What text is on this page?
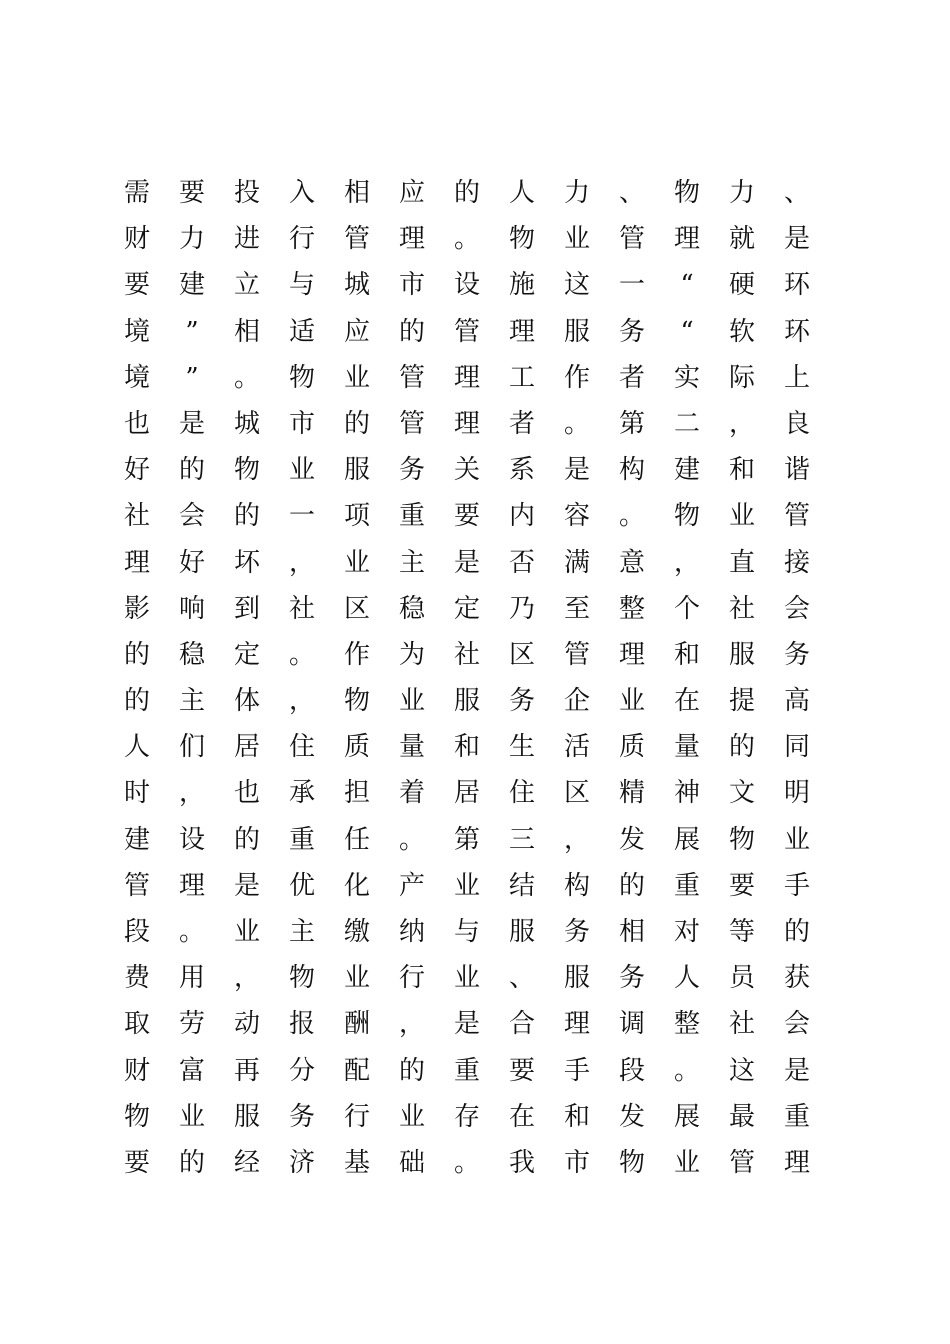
需 要 投 入 相 应 的 人 力 、 物 力 、
财 力 进 行 管 理 。 物 业 管 理 就 是
要 建 立 与 城 市 设 施 这 一	“	硬 环
境	”	相 适 应 的 管 理 服 务	“	软 环
境	”	。 物 业 管 理 工 作 者 实 际 上
也 是 城 市 的 管 理 者 。 第 二 ， 良
好 的 物 业 服 务 关 系 是 构 建 和 谐
社 会 的 一 项 重 要 内 容 。 物 业 管
理 好 坏 ， 业 主 是 否 满 意 ， 直 接
影 响 到 社 区 稳 定 乃 至 整 个 社 会
的 稳 定 。 作 为 社 区 管 理 和 服 务
的 主 体 ， 物 业 服 务 企 业 在 提 高
人 们 居 住 质 量 和 生 活 质 量 的 同
时 ， 也 承 担 着 居 住 区 精 神 文 明
建 设 的 重 任 。 第 三 ， 发 展 物 业
管 理 是 优 化 产 业 结 构 的 重 要 手
段 。 业 主 缴 纳 与 服 务 相 对 等 的
费 用 ， 物 业 行 业 、 服 务 人 员 获
取 劳 动 报 酬 ， 是 合 理 调 整 社 会
财 富 再 分 配 的 重 要 手 段 。 这 是
物 业 服 务 行 业 存 在 和 发 展 最 重
要 的 经 济 基 础 。 我 市 物 业 管 理
